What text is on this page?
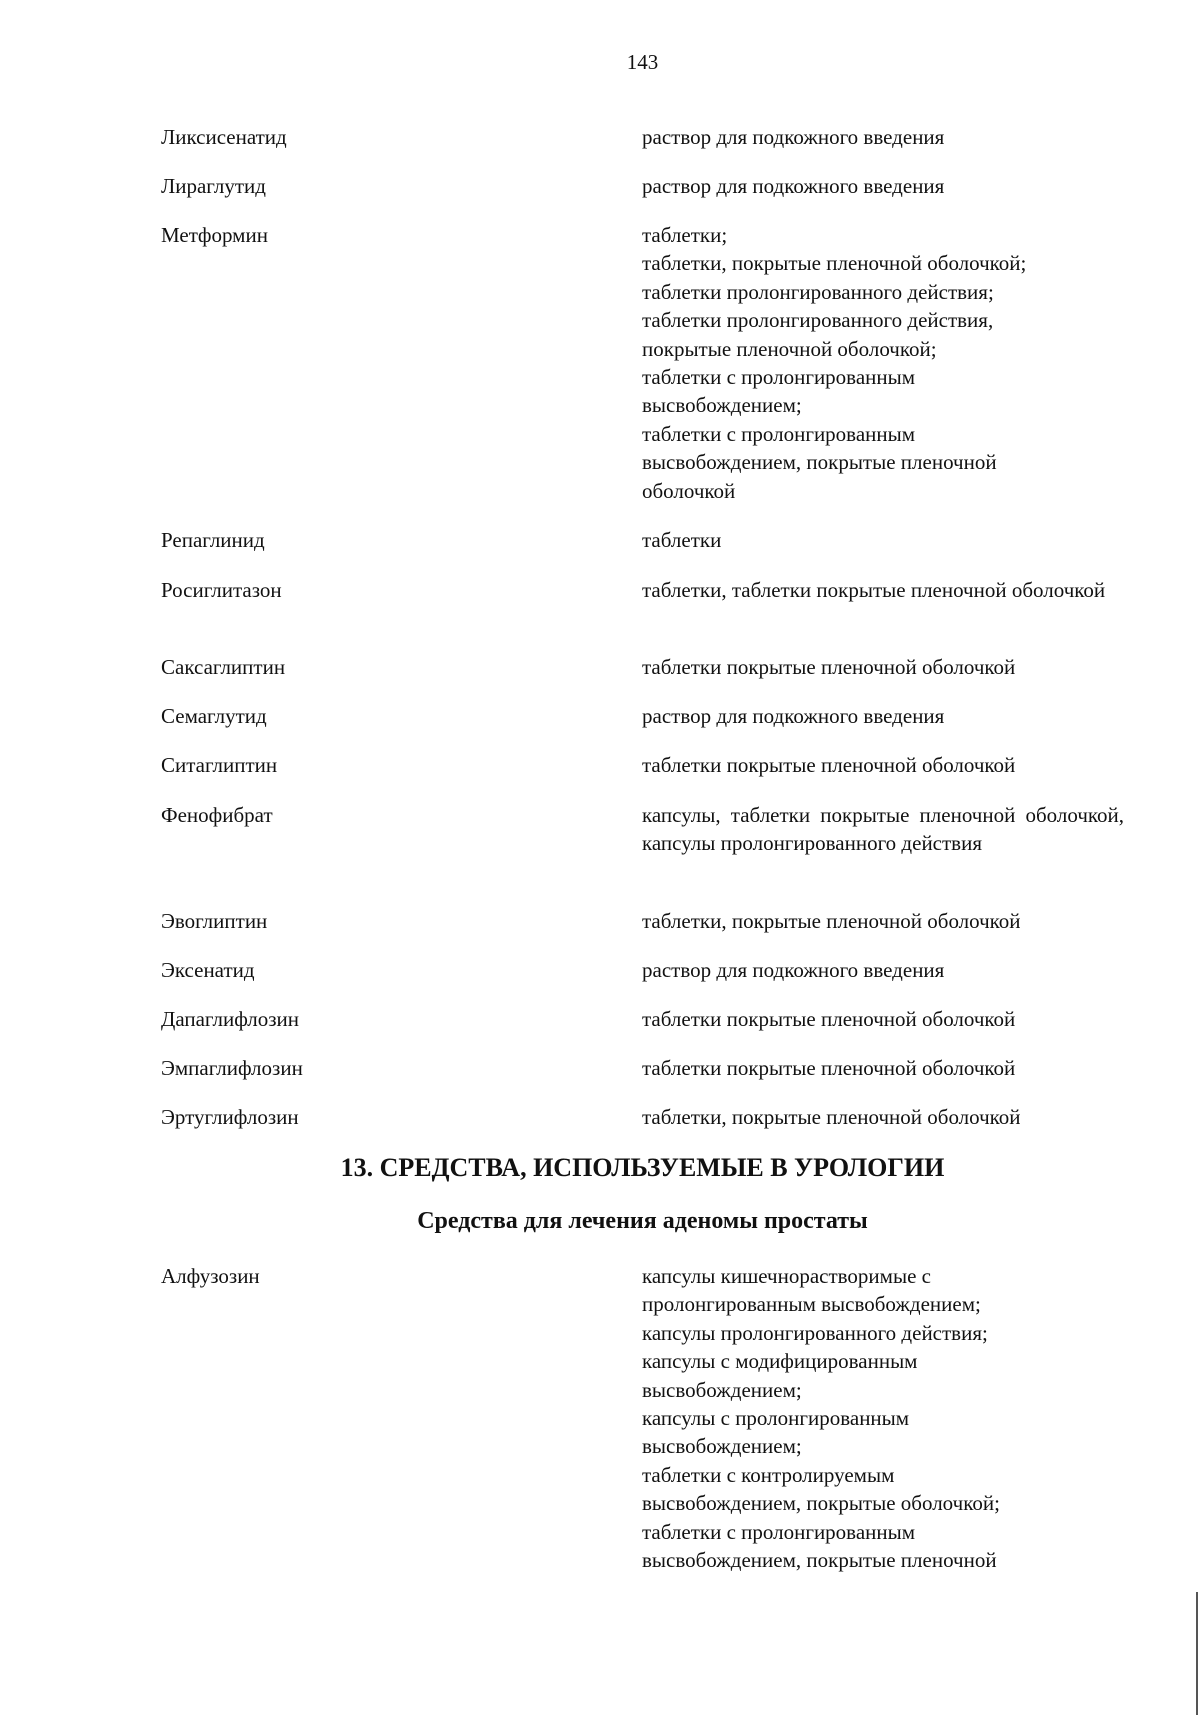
143
Ликсисенатид	раствор для подкожного введения
Лираглутид	раствор для подкожного введения
Метформин	таблетки;
таблетки, покрытые пленочной оболочкой;
таблетки пролонгированного действия;
таблетки пролонгированного действия,
покрытые пленочной оболочкой;
таблетки с пролонгированным
высвобождением;
таблетки с пролонгированным
высвобождением, покрытые пленочной
оболочкой
Репаглинид	таблетки
Росиглитазон	таблетки, таблетки покрытые пленочной оболочкой
Саксаглиптин	таблетки покрытые пленочной оболочкой
Семаглутид	раствор для подкожного введения
Ситаглиптин	таблетки покрытые пленочной оболочкой
Фенофибрат	капсулы, таблетки покрытые пленочной оболочкой, капсулы пролонгированного действия
Эвоглиптин	таблетки, покрытые пленочной оболочкой
Эксенатид	раствор для подкожного введения
Дапаглифлозин	таблетки покрытые пленочной оболочкой
Эмпаглифлозин	таблетки покрытые пленочной оболочкой
Эртуглифлозин	таблетки, покрытые пленочной оболочкой
13. СРЕДСТВА, ИСПОЛЬЗУЕМЫЕ В УРОЛОГИИ
Средства для лечения аденомы простаты
Алфузозин	капсулы кишечнорастворимые с
пролонгированным высвобождением;
капсулы пролонгированного действия;
капсулы с модифицированным
высвобождением;
капсулы с пролонгированным
высвобождением;
таблетки с контролируемым
высвобождением, покрытые оболочкой;
таблетки с пролонгированным
высвобождением, покрытые пленочной
